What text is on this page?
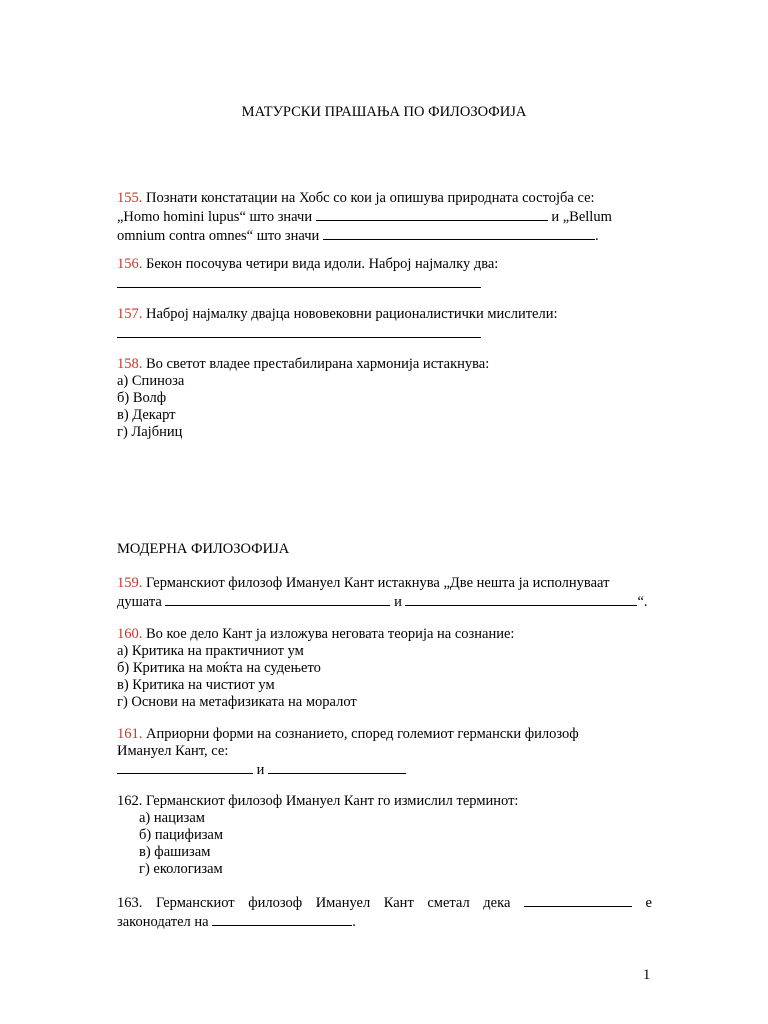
МАТУРСКИ ПРАШАЊА ПО ФИЛОЗОФИЈА
155. Познати констатации на Хобс со кои ја опишува природната состојба се:
„Homo homini lupus“ што значи	и „Bellum
omnium contra omnes“ што значи	.
156. Бекон посочува четири вида идоли. Наброј најмалку два:
157. Наброј најмалку двајца нововековни рационалистички мислители:
158. Во светот владее престабилирана хармонија истакнува:
а) Спиноза
б) Волф
в) Декарт
г) Лајбниц
МОДЕРНА ФИЛОЗОФИЈА
159. Германскиот филозоф Имануел Кант истакнува „Две нешта ја исполнуваат
душата	и	“.
160. Во кое дело Кант ја изложува неговата теорија на сознание:
а) Критика на практичниот ум
б) Критика на моќта на судењето
в) Критика на чистиот ум
г) Основи на метафизиката на моралот
161. Априорни форми на сознанието, според големиот германски филозоф
Имануел Кант, се:
и
162. Германскиот филозоф Имануел Кант го измислил терминот:
а) нацизам
б) пацифизам
в) фашизам
г) екологизам
163. Германскиот филозоф Имануел Кант сметал дека	е
законодател на	.
1
